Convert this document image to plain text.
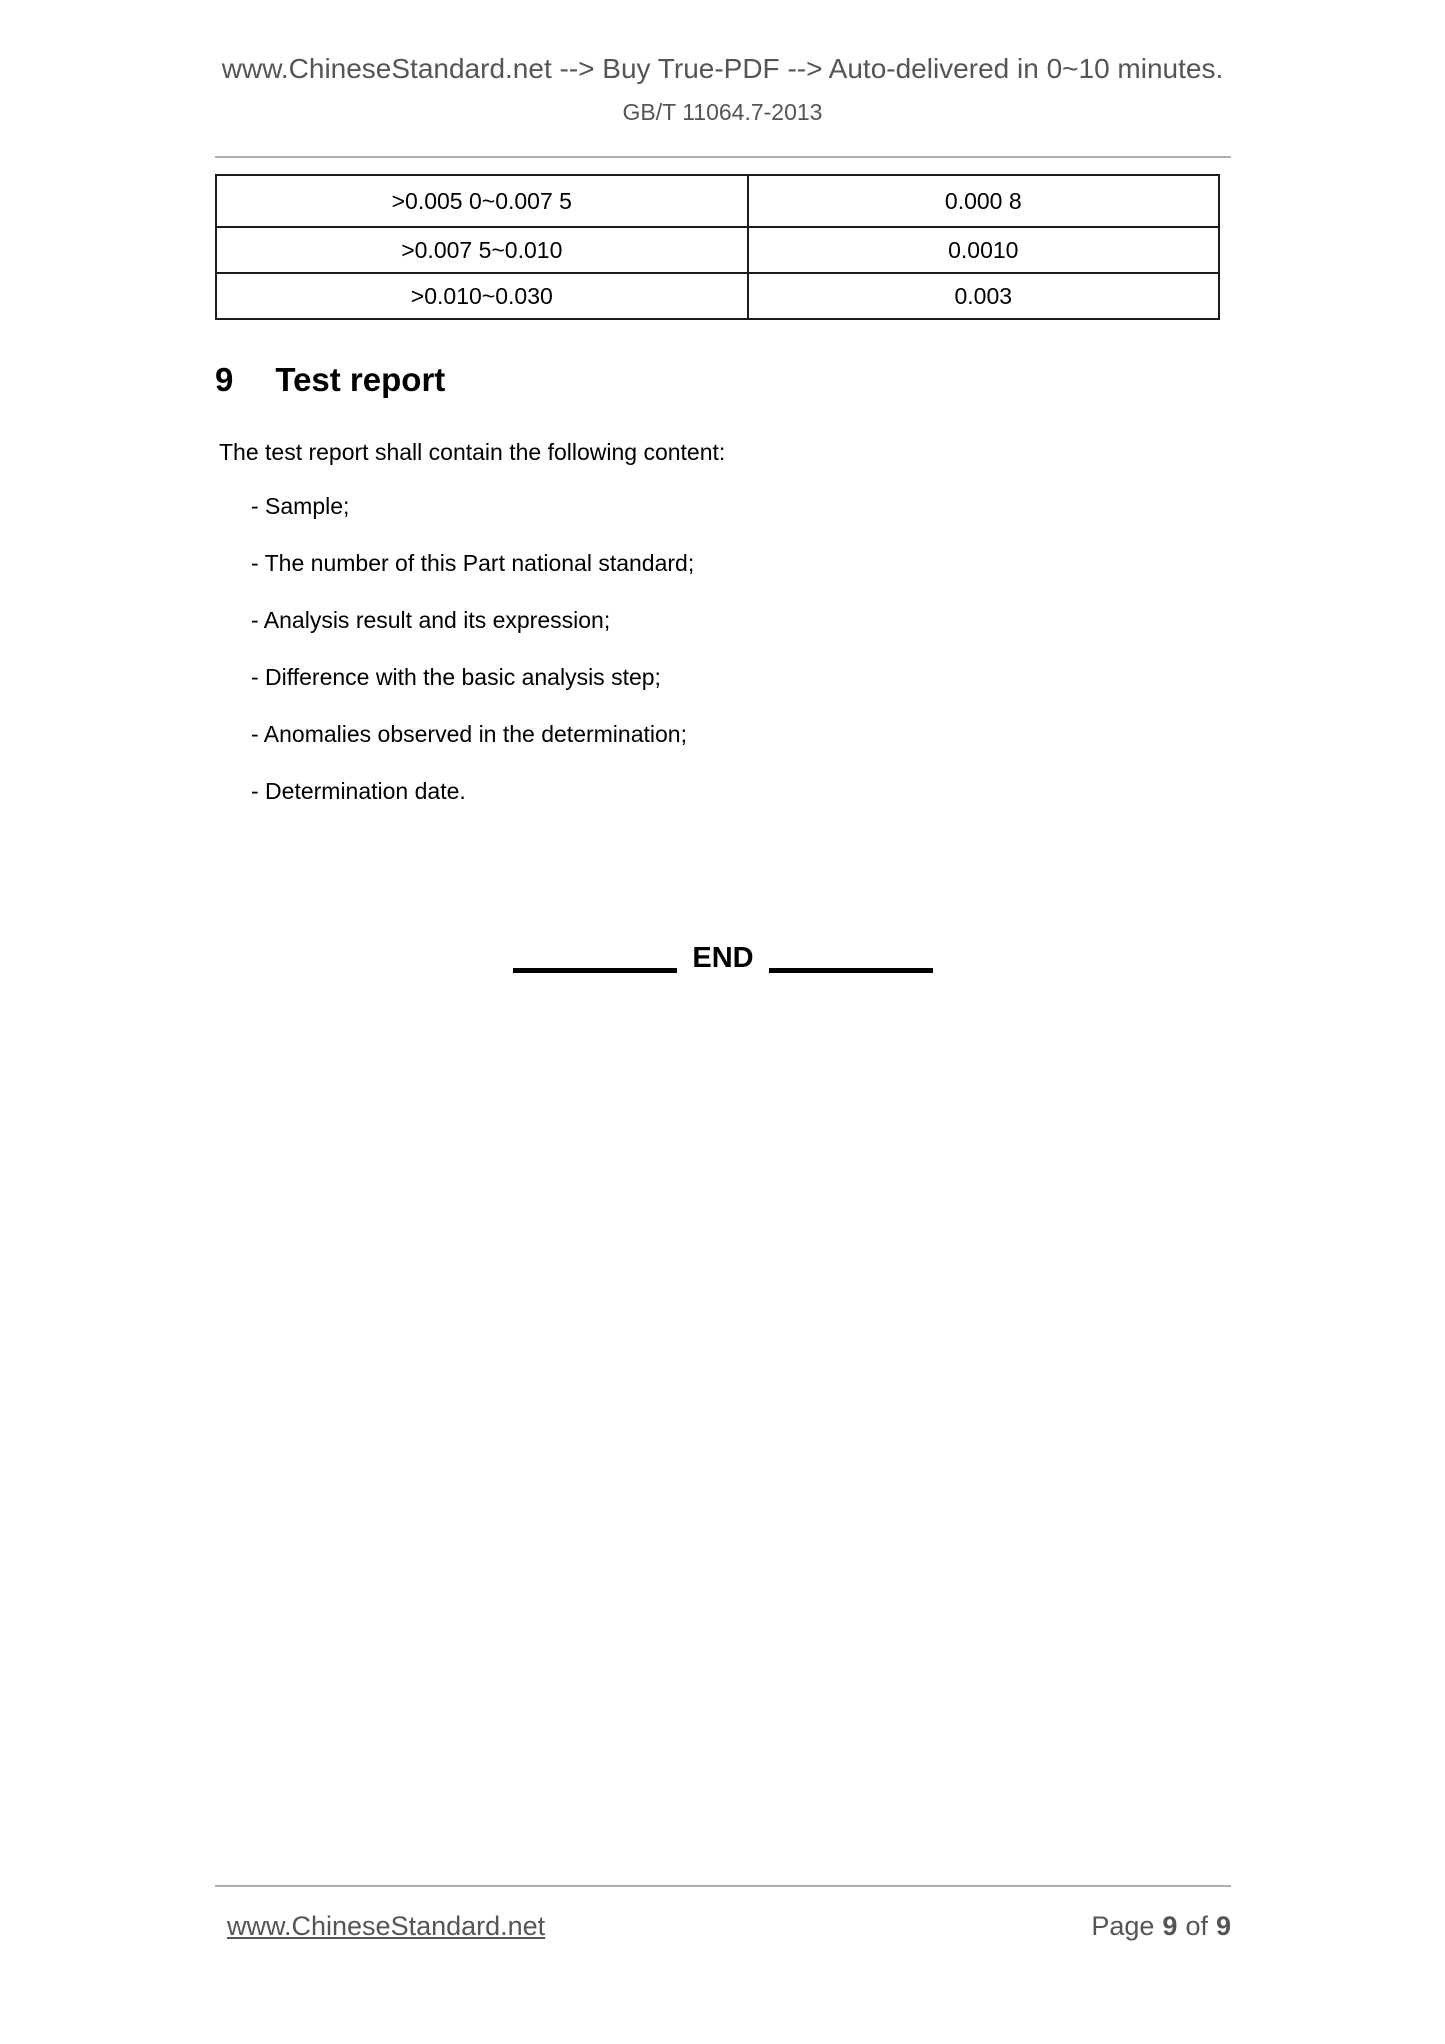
www.ChineseStandard.net --> Buy True-PDF --> Auto-delivered in 0~10 minutes.
GB/T 11064.7-2013
>0.005 0~0.007 5	0.000 8
>0.007 5~0.010	0.0010
>0.010~0.030	0.003
9 Test report
The test report shall contain the following content:
- Sample;
- The number of this Part national standard;
- Analysis result and its expression;
- Difference with the basic analysis step;
- Anomalies observed in the determination;
- Determination date.
END
www.ChineseStandard.net	Page 9 of 9
